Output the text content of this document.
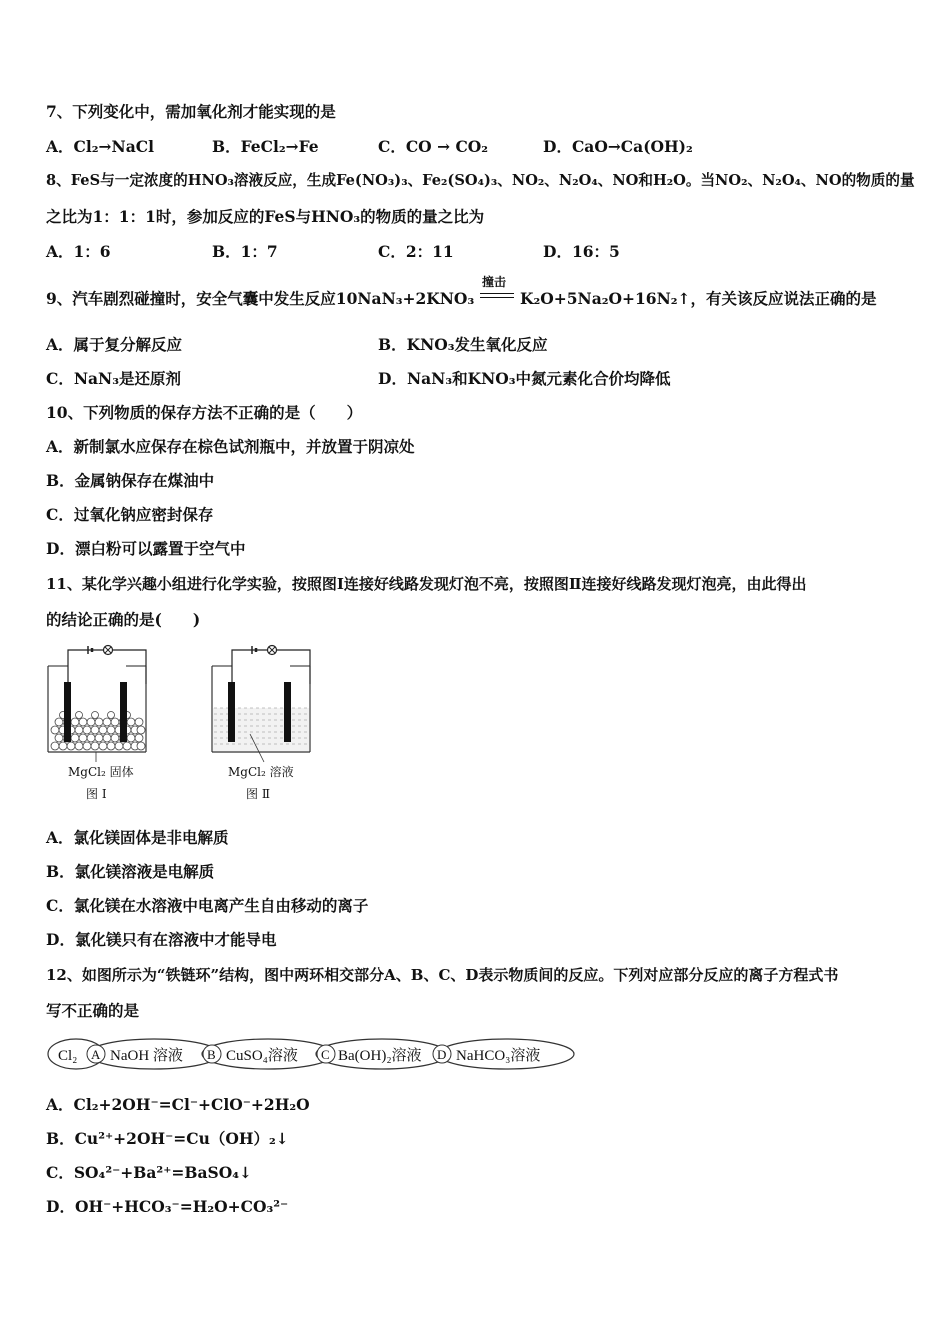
7、下列变化中，需加氧化剂才能实现的是
A．Cl₂→NaCl	B．FeCl₂→Fe	C．CO → CO₂	D．CaO→Ca(OH)₂
8、FeS与一定浓度的HNO₃溶液反应，生成Fe(NO₃)₃、Fe₂(SO₄)₃、NO₂、N₂O₄、NO和H₂O。当NO₂、N₂O₄、NO的物质的量
之比为1：1：1时，参加反应的FeS与HNO₃的物质的量之比为
A．1：6	B．1：7	C．2：11	D．16：5
9、汽车剧烈碰撞时，安全气囊中发生反应10NaN₃+2KNO₃
撞击
K₂O+5Na₂O+16N₂↑，有关该反应说法正确的是
A．属于复分解反应	B．KNO₃发生氧化反应
C．NaN₃是还原剂	D．NaN₃和KNO₃中氮元素化合价均降低
10、下列物质的保存方法不正确的是（　　）
A．新制氯水应保存在棕色试剂瓶中，并放置于阴凉处
B．金属钠保存在煤油中
C．过氧化钠应密封保存
D．漂白粉可以露置于空气中
11、某化学兴趣小组进行化学实验，按照图Ⅰ连接好线路发现灯泡不亮，按照图Ⅱ连接好线路发现灯泡亮，由此得出
的结论正确的是(　　)
MgCl₂ 固体
图 Ⅰ
MgCl₂ 溶液
图 Ⅱ
A．氯化镁固体是非电解质
B．氯化镁溶液是电解质
C．氯化镁在水溶液中电离产生自由移动的离子
D．氯化镁只有在溶液中才能导电
12、如图所示为“铁链环”结构，图中两环相交部分A、B、C、D表示物质间的反应。下列对应部分反应的离子方程式书
写不正确的是
Cl₂ NaOH 溶液	CuSO₄溶液	Ba(OH)₂溶液 NaHCO₃溶液
A	B	C	D
A．Cl₂+2OH⁻=Cl⁻+ClO⁻+2H₂O
B．Cu²⁺+2OH⁻=Cu（OH）₂↓
C．SO₄²⁻+Ba²⁺=BaSO₄↓
D．OH⁻+HCO₃⁻=H₂O+CO₃²⁻
